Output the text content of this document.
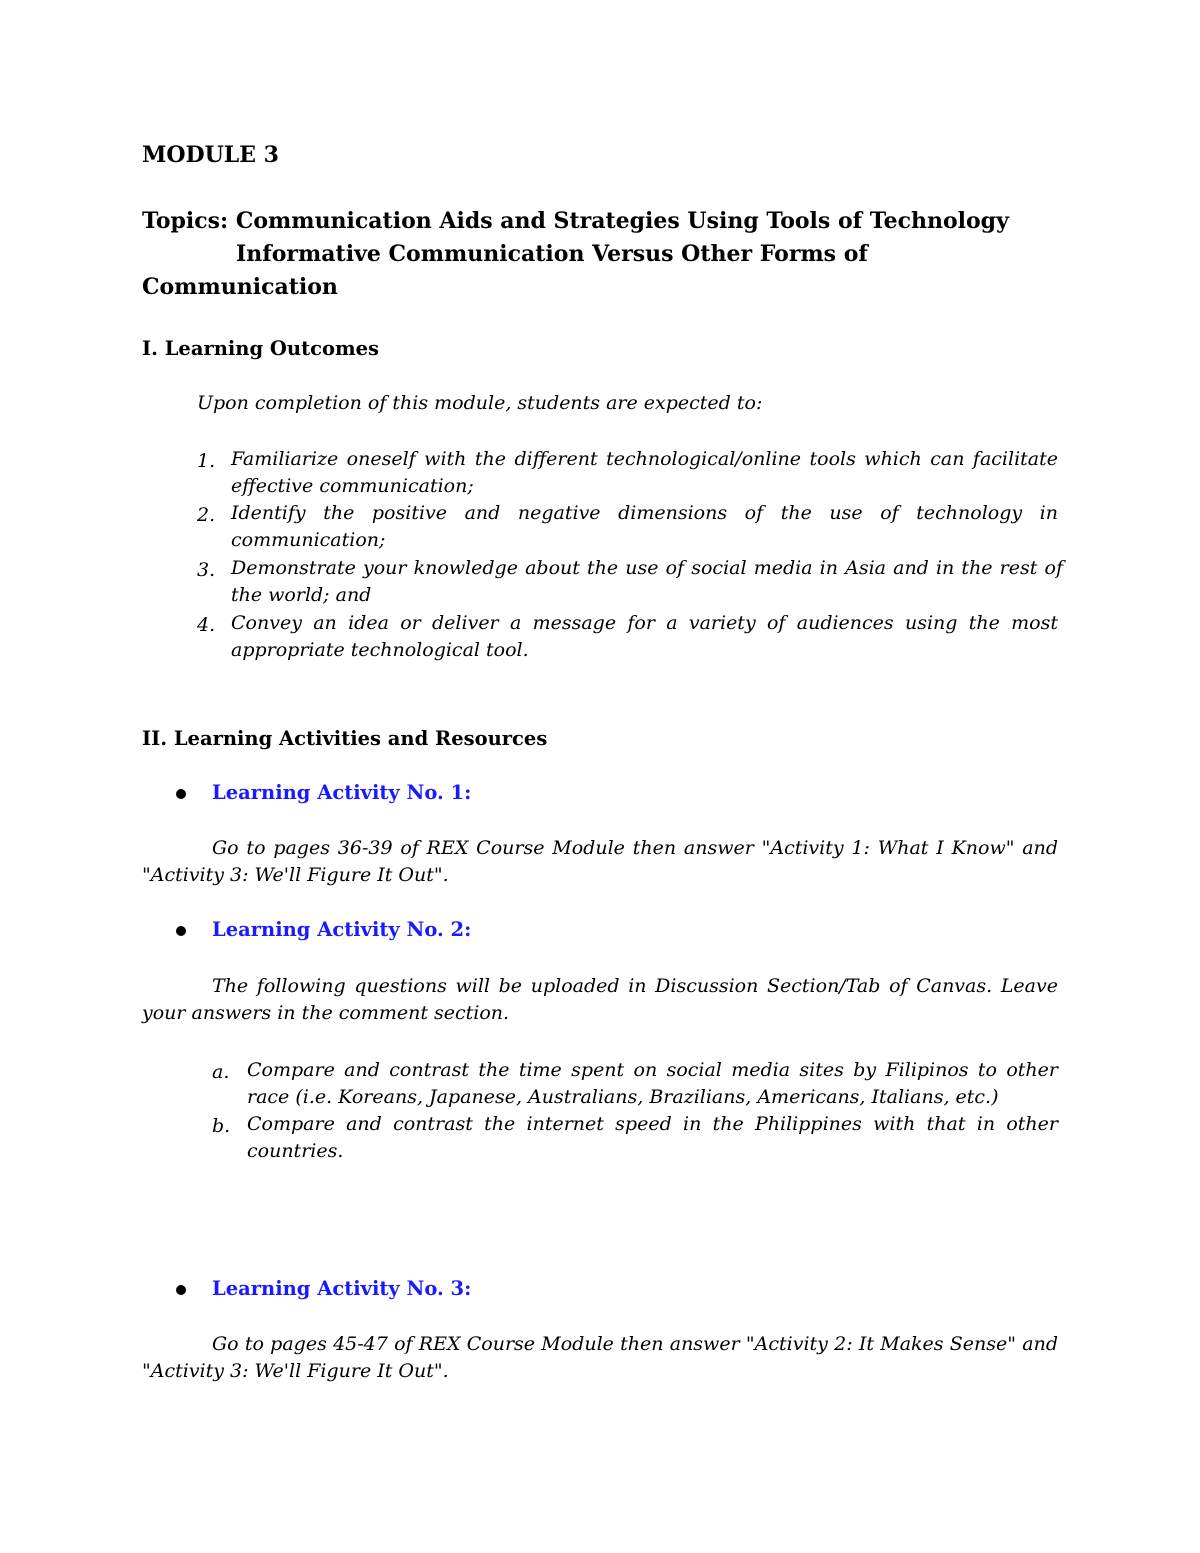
MODULE 3
Topics: Communication Aids and Strategies Using Tools of Technology
Informative Communication Versus Other Forms of
Communication
I. Learning Outcomes
Upon completion of this module, students are expected to:
1. Familiarize oneself with the different technological/online tools which can facilitate effective communication;
2. Identify the positive and negative dimensions of the use of technology in communication;
3. Demonstrate your knowledge about the use of social media in Asia and in the rest of the world; and
4. Convey an idea or deliver a message for a variety of audiences using the most appropriate technological tool.
II. Learning Activities and Resources
Learning Activity No. 1:
Go to pages 36-39 of REX Course Module then answer "Activity 1: What I Know" and "Activity 3: We'll Figure It Out".
Learning Activity No. 2:
The following questions will be uploaded in Discussion Section/Tab of Canvas. Leave your answers in the comment section.
a. Compare and contrast the time spent on social media sites by Filipinos to other race (i.e. Koreans, Japanese, Australians, Brazilians, Americans, Italians, etc.)
b. Compare and contrast the internet speed in the Philippines with that in other countries.
Learning Activity No. 3:
Go to pages 45-47 of REX Course Module then answer "Activity 2: It Makes Sense" and "Activity 3: We'll Figure It Out".
